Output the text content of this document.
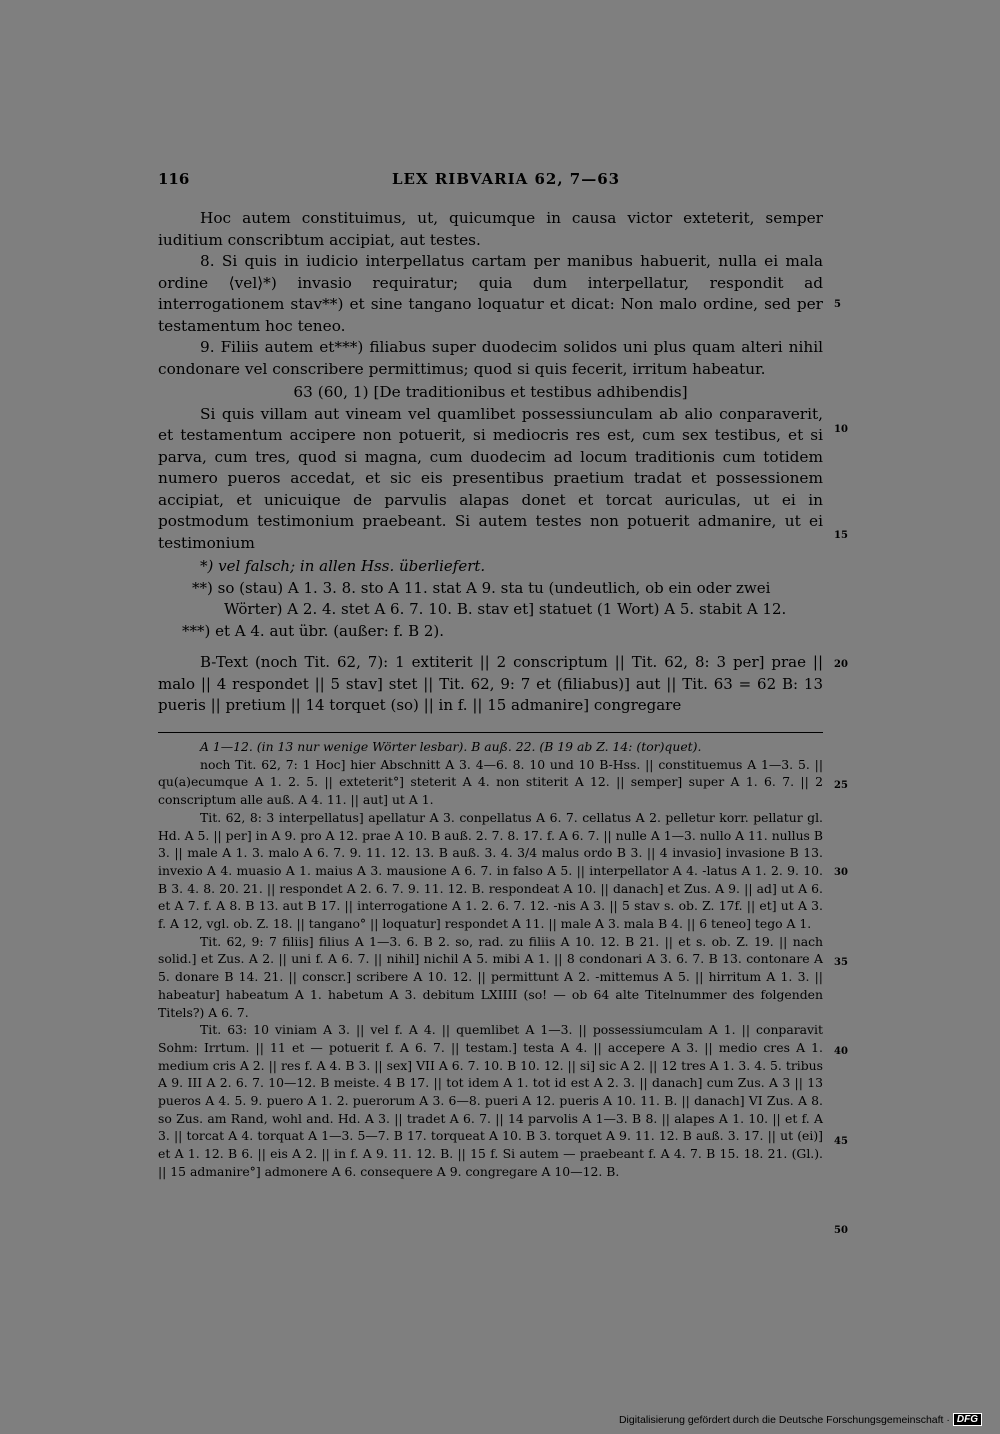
116	LEX RIBVARIA 62, 7—63

Hoc autem constituimus, ut, quicumque in causa victor exteterit, semper iuditium conscribtum accipiat, aut testes.

8. Si quis in iudicio interpellatus cartam per manibus habuerit, nulla ei mala ordine ⟨vel⟩*) invasio requiratur; quia dum interpellatur, respondit ad interrogationem stav**) et sine tangano loquatur et dicat: Non malo ordine, sed per testamentum hoc teneo.

9. Filiis autem et***) filiabus super duodecim solidos uni plus quam alteri nihil condonare vel conscribere permittimus; quod si quis fecerit, irritum habeatur.

63 (60, 1) [De traditionibus et testibus adhibendis]

Si quis villam aut vineam vel quamlibet possessiunculam ab alio conparaverit, et testamentum accipere non potuerit, si mediocris res est, cum sex testibus, et si parva, cum tres, quod si magna, cum duodecim ad locum traditionis cum totidem numero pueros accedat, et sic eis presentibus praetium tradat et possessionem accipiat, et unicuique de parvulis alapas donet et torcat auriculas, ut ei in postmodum testimonium praebeant. Si autem testes non potuerit admanire, ut ei testimonium

*) vel falsch; in allen Hss. überliefert.

**) so (stau) A 1. 3. 8. sto A 11. stat A 9. sta tu (undeutlich, ob ein oder zwei Wörter) A 2. 4. stet A 6. 7. 10. B. stav et] statuet (1 Wort) A 5. stabit A 12.

***) et A 4. aut übr. (außer: f. B 2).

B-Text (noch Tit. 62, 7): 1 extiterit || 2 conscriptum || Tit. 62, 8: 3 per] prae || malo || 4 respondet || 5 stav] stet || Tit. 62, 9: 7 et (filiabus)] aut || Tit. 63 = 62 B: 13 pueris || pretium || 14 torquet (so) || in f. || 15 admanire] congregare

A 1—12. (in 13 nur wenige Wörter lesbar). B auß. 22. (B 19 ab Z. 14: (tor)quet).

noch Tit. 62, 7: 1 Hoc] hier Abschnitt A 3. 4—6. 8. 10 und 10 B-Hss. || constituemus A 1—3. 5. || qu(a)ecumque A 1. 2. 5. || exteterit°] steterit A 4. non stiterit A 12. || semper] super A 1. 6. 7. || 2 conscriptum alle auß. A 4. 11. || aut] ut A 1.

Tit. 62, 8: 3 interpellatus] apellatur A 3. conpellatus A 6. 7. cellatus A 2. pelletur korr. pellatur gl. Hd. A 5. || per] in A 9. pro A 12. prae A 10. B auß. 2. 7. 8. 17. f. A 6. 7. || nulle A 1—3. nullo A 11. nullus B 3. || male A 1. 3. malo A 6. 7. 9. 11. 12. 13. B auß. 3. 4. 3/4 malus ordo B 3. || 4 invasio] invasione B 13. invexio A 4. muasio A 1. maius A 3. mausione A 6. 7. in falso A 5. || interpellator A 4. -latus A 1. 2. 9. 10. B 3. 4. 8. 20. 21. || respondet A 2. 6. 7. 9. 11. 12. B. respondeat A 10. || danach] et Zus. A 9. || ad] ut A 6. et A 7. f. A 8. B 13. aut B 17. || interrogatione A 1. 2. 6. 7. 12. -nis A 3. || 5 stav s. ob. Z. 17f. || et] ut A 3. f. A 12, vgl. ob. Z. 18. || tangano° || loquatur] respondet A 11. || male A 3. mala B 4. || 6 teneo] tego A 1.

Tit. 62, 9: 7 filiis] filius A 1—3. 6. B 2. so, rad. zu filiis A 10. 12. B 21. || et s. ob. Z. 19. || nach solid.] et Zus. A 2. || uni f. A 6. 7. || nihil] nichil A 5. mibi A 1. || 8 condonari A 3. 6. 7. B 13. contonare A 5. donare B 14. 21. || conscr.] scribere A 10. 12. || permittunt A 2. -mittemus A 5. || hirritum A 1. 3. || habeatur] habeatum A 1. habetum A 3. debitum LXIIII (so! — ob 64 alte Titelnummer des folgenden Titels?) A 6. 7.

Tit. 63: 10 viniam A 3. || vel f. A 4. || quemlibet A 1—3. || possessiumculam A 1. || conparavit Sohm: Irrtum. || 11 et — potuerit f. A 6. 7. || testam.] testa A 4. || accepere A 3. || medio cres A 1. medium cris A 2. || res f. A 4. B 3. || sex] VII A 6. 7. 10. B 10. 12. || si] sic A 2. || 12 tres A 1. 3. 4. 5. tribus A 9. III A 2. 6. 7. 10—12. B meiste. 4 B 17. || tot idem A 1. tot id est A 2. 3. || danach] cum Zus. A 3 || 13 pueros A 4. 5. 9. puero A 1. 2. puerorum A 3. 6—8. pueri A 12. pueris A 10. 11. B. || danach] VI Zus. A 8. so Zus. am Rand, wohl and. Hd. A 3. || tradet A 6. 7. || 14 parvolis A 1—3. B 8. || alapes A 1. 10. || et f. A 3. || torcat A 4. torquat A 1—3. 5—7. B 17. torqueat A 10. B 3. torquet A 9. 11. 12. B auß. 3. 17. || ut (ei)] et A 1. 12. B 6. || eis A 2. || in f. A 9. 11. 12. B. || 15 f. Si autem — praebeant f. A 4. 7. B 15. 18. 21. (Gl.). || 15 admanire°] admonere A 6. consequere A 9. congregare A 10—12. B.

5
10
15
20
25
30
35
40
45
50
Digitalisierung gefördert durch die Deutsche Forschungsgemeinschaft · DFG
